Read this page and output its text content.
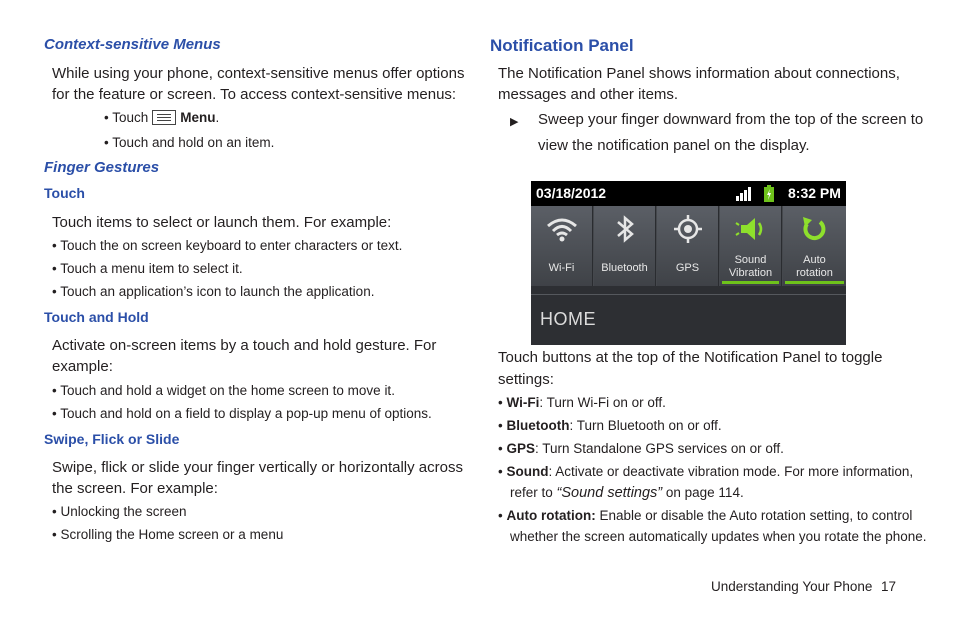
Context-sensitive Menus
While using your phone, context-sensitive menus offer options
for the feature or screen. To access context-sensitive menus:
• Touch Menu.
• Touch and hold on an item.
Finger Gestures
Touch
Touch items to select or launch them. For example:
• Touch the on screen keyboard to enter characters or text.
• Touch a menu item to select it.
• Touch an application’s icon to launch the application.
Touch and Hold
Activate on-screen items by a touch and hold gesture. For
example:
• Touch and hold a widget on the home screen to move it.
• Touch and hold on a field to display a pop-up menu of options.
Swipe, Flick or Slide
Swipe, flick or slide your finger vertically or horizontally across
the screen. For example:
• Unlocking the screen
• Scrolling the Home screen or a menu
Notification Panel
The Notification Panel shows information about connections,
messages and other items.
▶ Sweep your finger downward from the top of the screen to
view the notification panel on the display.
03/18/2012	8:32 PM
Wi-Fi	Bluetooth	GPS
Sound
Vibration
Auto
rotation
HOME
Touch buttons at the top of the Notification Panel to toggle
settings:
• Wi-Fi: Turn Wi-Fi on or off.
• Bluetooth: Turn Bluetooth on or off.
• GPS: Turn Standalone GPS services on or off.
• Sound: Activate or deactivate vibration mode. For more information,
refer to “Sound settings” on page 114.
• Auto rotation: Enable or disable the Auto rotation setting, to control
whether the screen automatically updates when you rotate the phone.
Understanding Your Phone 17
